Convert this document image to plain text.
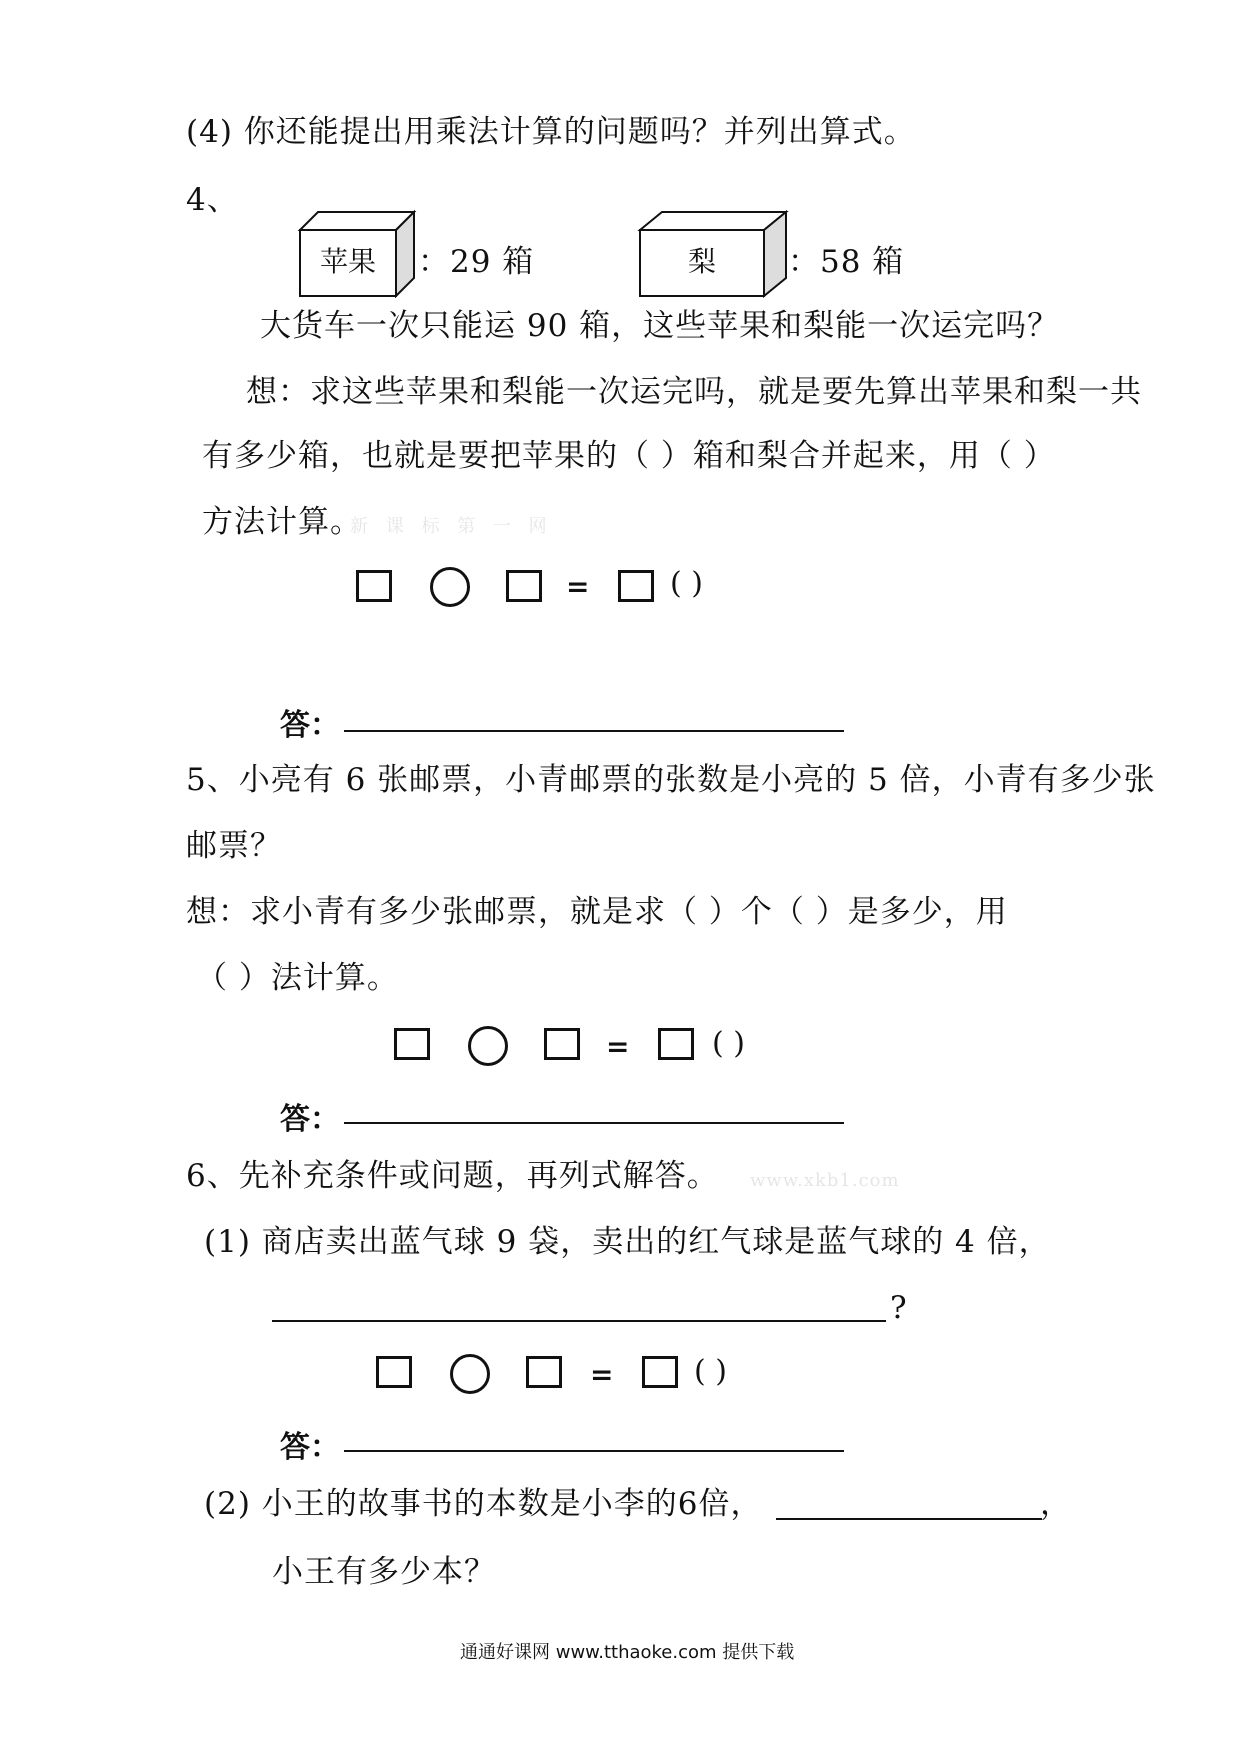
(4) 你还能提出用乘法计算的问题吗？并列出算式。
4、
苹果	：29 箱	梨	：58 箱
大货车一次只能运 90 箱，这些苹果和梨能一次运完吗？
想：求这些苹果和梨能一次运完吗，就是要先算出苹果和梨一共
有多少箱，也就是要把苹果的（ ）箱和梨合并起来，用（ ）
方法计算。
新 课 标 第 一 网
=	( )
答：
5、小亮有 6 张邮票，小青邮票的张数是小亮的 5 倍，小青有多少张
邮票？
想：求小青有多少张邮票，就是求（ ）个（ ）是多少，用
（ ）法计算。
=	( )
答：
6、先补充条件或问题，再列式解答。 www.xkb1.com
(1) 商店卖出蓝气球 9 袋，卖出的红气球是蓝气球的 4 倍，
?
=	( )
答：
(2) 小王的故事书的本数是小李的6倍，	，
小王有多少本？
通通好课网 www.tthaoke.com 提供下载
